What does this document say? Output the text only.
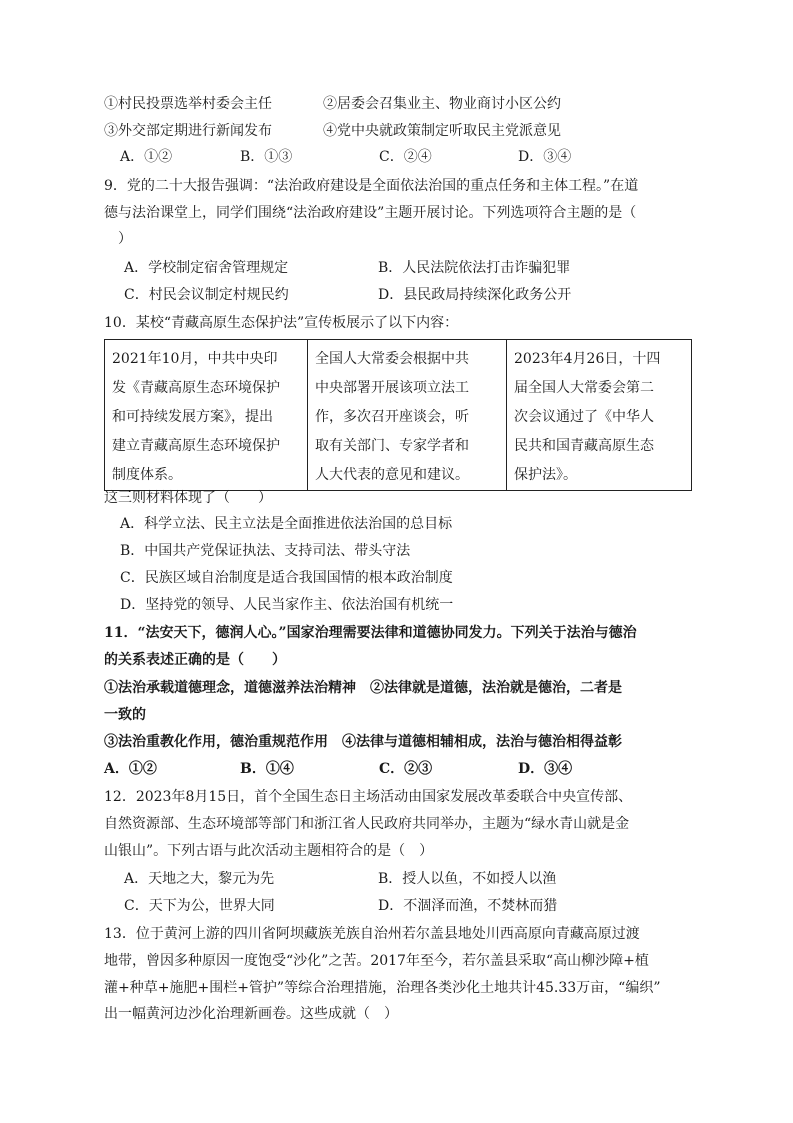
①村民投票选举村委会主任	②居委会召集业主、物业商讨小区公约
③外交部定期进行新闻发布	④党中央就政策制定听取民主党派意见
A．①②	B．①③	C．②④	D．③④
9．党的二十大报告强调：“法治政府建设是全面依法治国的重点任务和主体工程。”在道
德与法治课堂上，同学们围绕“法治政府建设”主题开展讨论。下列选项符合主题的是（
）
A．学校制定宿舍管理规定	B．人民法院依法打击诈骗犯罪
C．村民会议制定村规民约	D．县民政局持续深化政务公开
10．某校“青藏高原生态保护法”宣传板展示了以下内容：
2021年10月，中共中央印
发《青藏高原生态环境保护
和可持续发展方案》，提出
建立青藏高原生态环境保护
制度体系。

全国人大常委会根据中共
中央部署开展该项立法工
作，多次召开座谈会，听
取有关部门、专家学者和
人大代表的意见和建议。

2023年4月26日，十四
届全国人大常委会第二
次会议通过了《中华人
民共和国青藏高原生态
保护法》。
这三则材料体现了（　　）
A．科学立法、民主立法是全面推进依法治国的总目标
B．中国共产党保证执法、支持司法、带头守法
C．民族区域自治制度是适合我国国情的根本政治制度
D．坚持党的领导、人民当家作主、依法治国有机统一
11．“法安天下，德润人心。”国家治理需要法律和道德协同发力。下列关于法治与德治
的关系表述正确的是（　　）
①法治承载道德理念，道德滋养法治精神　②法律就是道德，法治就是德治，二者是
一致的
③法治重教化作用，德治重规范作用　④法律与道德相辅相成，法治与德治相得益彰
A．①②	B．①④	C．②③	D．③④
12．2023年8月15日，首个全国生态日主场活动由国家发展改革委联合中央宣传部、
自然资源部、生态环境部等部门和浙江省人民政府共同举办，主题为“绿水青山就是金
山银山”。下列古语与此次活动主题相符合的是（　）
A．天地之大，黎元为先	B．授人以鱼，不如授人以渔
C．天下为公，世界大同	D．不涸泽而渔，不焚林而猎
13．位于黄河上游的四川省阿坝藏族羌族自治州若尔盖县地处川西高原向青藏高原过渡
地带，曾因多种原因一度饱受“沙化”之苦。2017年至今，若尔盖县采取“高山柳沙障+植
灌+种草+施肥+围栏+管护”等综合治理措施，治理各类沙化土地共计45.33万亩，“编织”
出一幅黄河边沙化治理新画卷。这些成就（　）
